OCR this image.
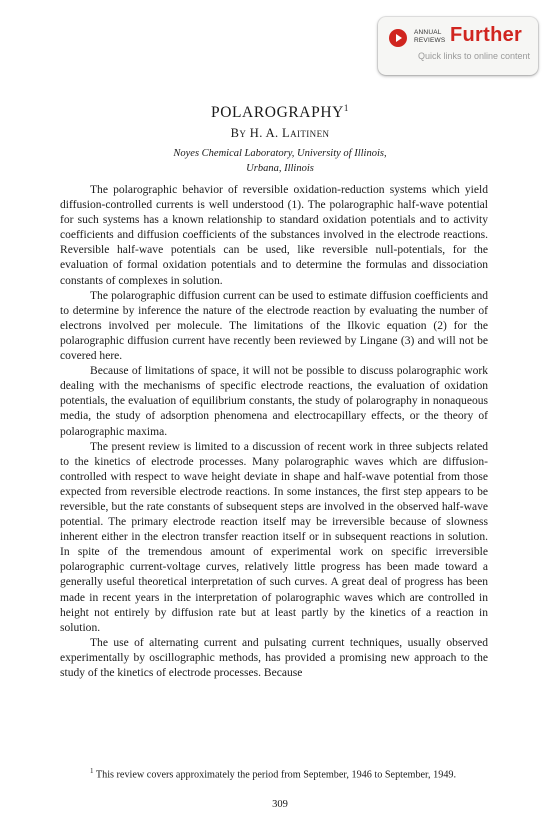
ANNUAL
REVIEWS Further
Quick links to online content
POLAROGRAPHY$^1$
By H. A. Laitinen
Noyes Chemical Laboratory, University of Illinois,
Urbana, Illinois

The polarographic behavior of reversible oxidation-reduction systems which yield diffusion-controlled currents is well understood (1). The polarographic half-wave potential for such systems has a known relationship to standard oxidation potentials and to activity coefficients and diffusion coefficients of the substances involved in the electrode reactions. Reversible half-wave potentials can be used, like reversible null-potentials, for the evaluation of formal oxidation potentials and to determine the formulas and dissociation constants of complexes in solution.

The polarographic diffusion current can be used to estimate diffusion coefficients and to determine by inference the nature of the electrode reaction by evaluating the number of electrons involved per molecule. The limitations of the Ilkovic equation (2) for the polarographic diffusion current have recently been reviewed by Lingane (3) and will not be covered here.

Because of limitations of space, it will not be possible to discuss polarographic work dealing with the mechanisms of specific electrode reactions, the evaluation of oxidation potentials, the evaluation of equilibrium constants, the study of polarography in nonaqueous media, the study of adsorption phenomena and electrocapillary effects, or the theory of polarographic maxima.

The present review is limited to a discussion of recent work in three subjects related to the kinetics of electrode processes. Many polarographic waves which are diffusion-controlled with respect to wave height deviate in shape and half-wave potential from those expected from reversible electrode reactions. In some instances, the first step appears to be reversible, but the rate constants of subsequent steps are involved in the observed half-wave potential. The primary electrode reaction itself may be irreversible because of slowness inherent either in the electron transfer reaction itself or in subsequent reactions in solution. In spite of the tremendous amount of experimental work on specific irreversible polarographic current-voltage curves, relatively little progress has been made toward a generally useful theoretical interpretation of such curves. A great deal of progress has been made in recent years in the interpretation of polarographic waves which are controlled in height not entirely by diffusion rate but at least partly by the kinetics of a reaction in solution.

The use of alternating current and pulsating current techniques, usually observed experimentally by oscillographic methods, has provided a promising new approach to the study of the kinetics of electrode processes. Because

$^1$ This review covers approximately the period from September, 1946 to September, 1949.

309
